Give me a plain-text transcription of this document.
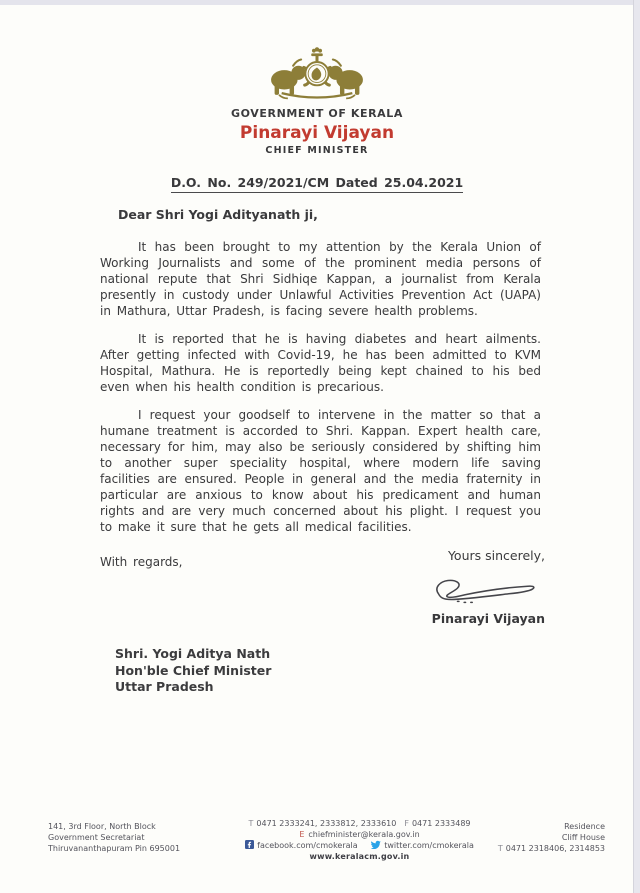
GOVERNMENT OF KERALA
Pinarayi Vijayan
CHIEF MINISTER
D.O. No. 249/2021/CM Dated 25.04.2021
Dear Shri Yogi Adityanath ji,

It has been brought to my attention by the Kerala Union of Working Journalists and some of the prominent media persons of national repute that Shri Sidhiqe Kappan, a journalist from Kerala presently in custody under Unlawful Activities Prevention Act (UAPA) in Mathura, Uttar Pradesh, is facing severe health problems.

It is reported that he is having diabetes and heart ailments. After getting infected with Covid-19, he has been admitted to KVM Hospital, Mathura. He is reportedly being kept chained to his bed even when his health condition is precarious.

I request your goodself to intervene in the matter so that a humane treatment is accorded to Shri. Kappan. Expert health care, necessary for him, may also be seriously considered by shifting him to another super speciality hospital, where modern life saving facilities are ensured. People in general and the media fraternity in particular are anxious to know about his predicament and human rights and are very much concerned about his plight. I request you to make it sure that he gets all medical facilities.

With regards,	Yours sincerely,
Pinarayi Vijayan
Shri. Yogi Aditya Nath
Hon'ble Chief Minister
Uttar Pradesh
141, 3rd Floor, North Block
Government Secretariat
Thiruvananthapuram Pin 695001
T 0471 2333241, 2333812, 2333610 F 0471 2333489
E chiefminister@kerala.gov.in
facebook.com/cmokerala	twitter.com/cmokerala
www.keralacm.gov.in
Residence
Cliff House
T 0471 2318406, 2314853
